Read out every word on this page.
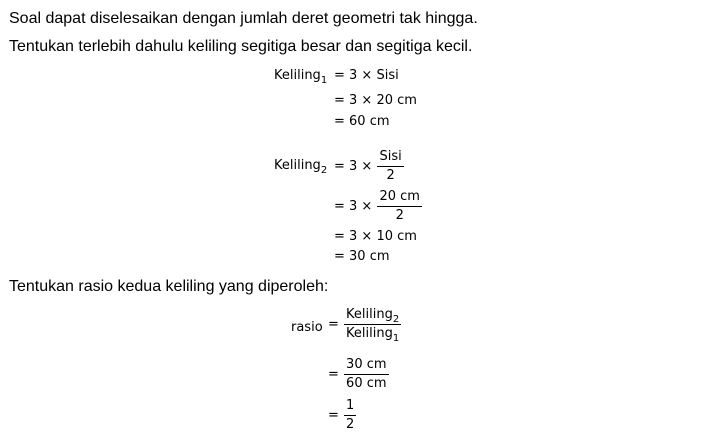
Soal dapat diselesaikan dengan jumlah deret geometri tak hingga.
Tentukan terlebih dahulu keliling segitiga besar dan segitiga kecil.
Tentukan rasio kedua keliling yang diperoleh:
Keliling$_1$ = 3 × Sisi
= 3 × 20 cm
= 60 cm
Keliling$_2$ = $3 \times \frac{\text{Sisi}}{2}$
= $3 \times \frac{20 cm}{2}$
= 3 × 10 cm
= 30 cm
rasio = $\frac{Keliling_2}{Keliling_1}$
= $\frac{30 cm}{60 cm}$
= $\frac{1}{2}$
